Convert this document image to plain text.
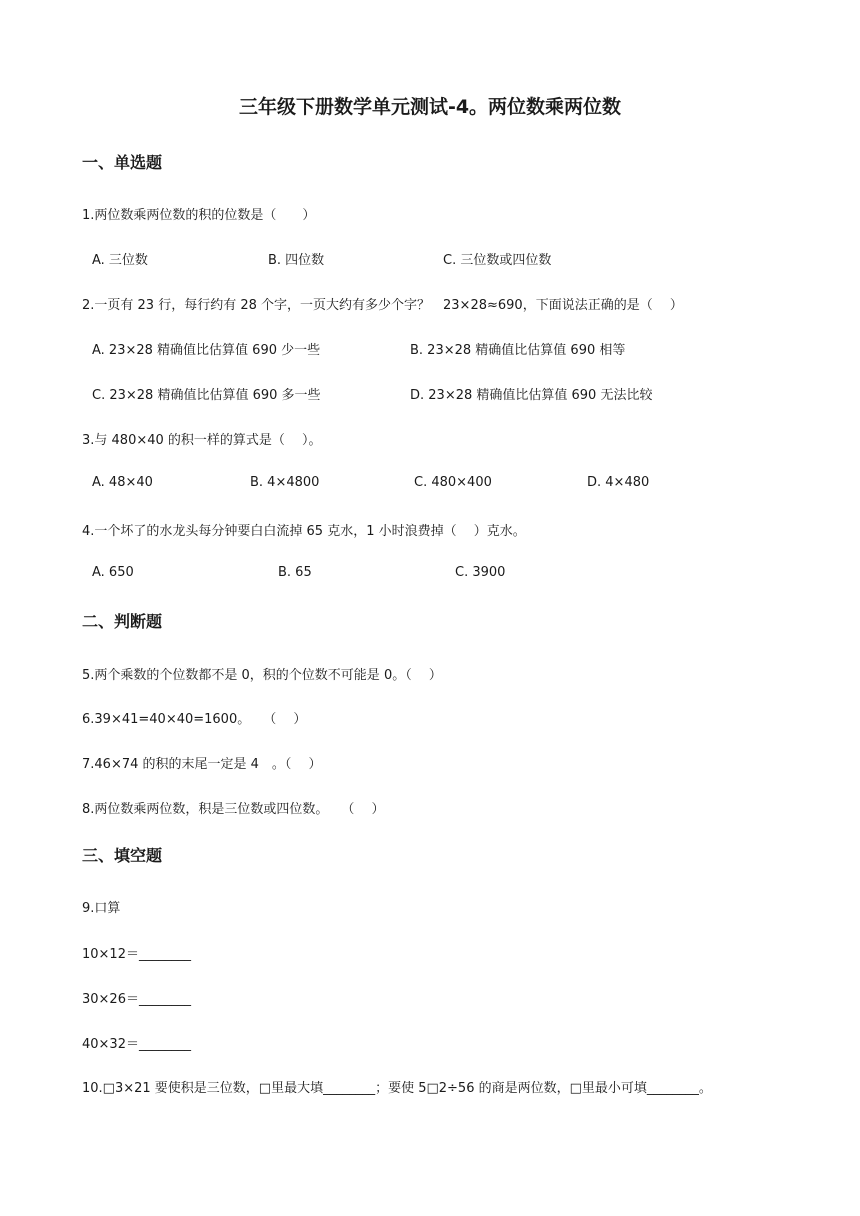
三年级下册数学单元测试-4。两位数乘两位数
一、单选题
1.两位数乘两位数的积的位数是（　　）
A. 三位数	B. 四位数	C. 三位数或四位数
2.一页有 23 行，每行约有 28 个字，一页大约有多少个字？　23×28≈690，下面说法正确的是（　 ）
A. 23×28 精确值比估算值 690 少一些	B. 23×28 精确值比估算值 690 相等
C. 23×28 精确值比估算值 690 多一些	D. 23×28 精确值比估算值 690 无法比较
3.与 480×40 的积一样的算式是（　 ）。
A. 48×40	B. 4×4800	C. 480×400	D. 4×480
4.一个坏了的水龙头每分钟要白白流掉 65 克水，1 小时浪费掉（　 ）克水。
A. 650	B. 65	C. 3900
二、判断题
5.两个乘数的个位数都不是 0，积的个位数不可能是 0。（　 ）
6.39×41=40×40=1600。　　（　 ）
7.46×74 的积的末尾一定是 4　。（　 ）
8.两位数乘两位数，积是三位数或四位数。　　（　 ）
三、填空题
9.口算
10×12＝________
30×26＝________
40×32＝________
10.□3×21 要使积是三位数，□里最大填________；要使 5□2÷56 的商是两位数，□里最小可填________。
